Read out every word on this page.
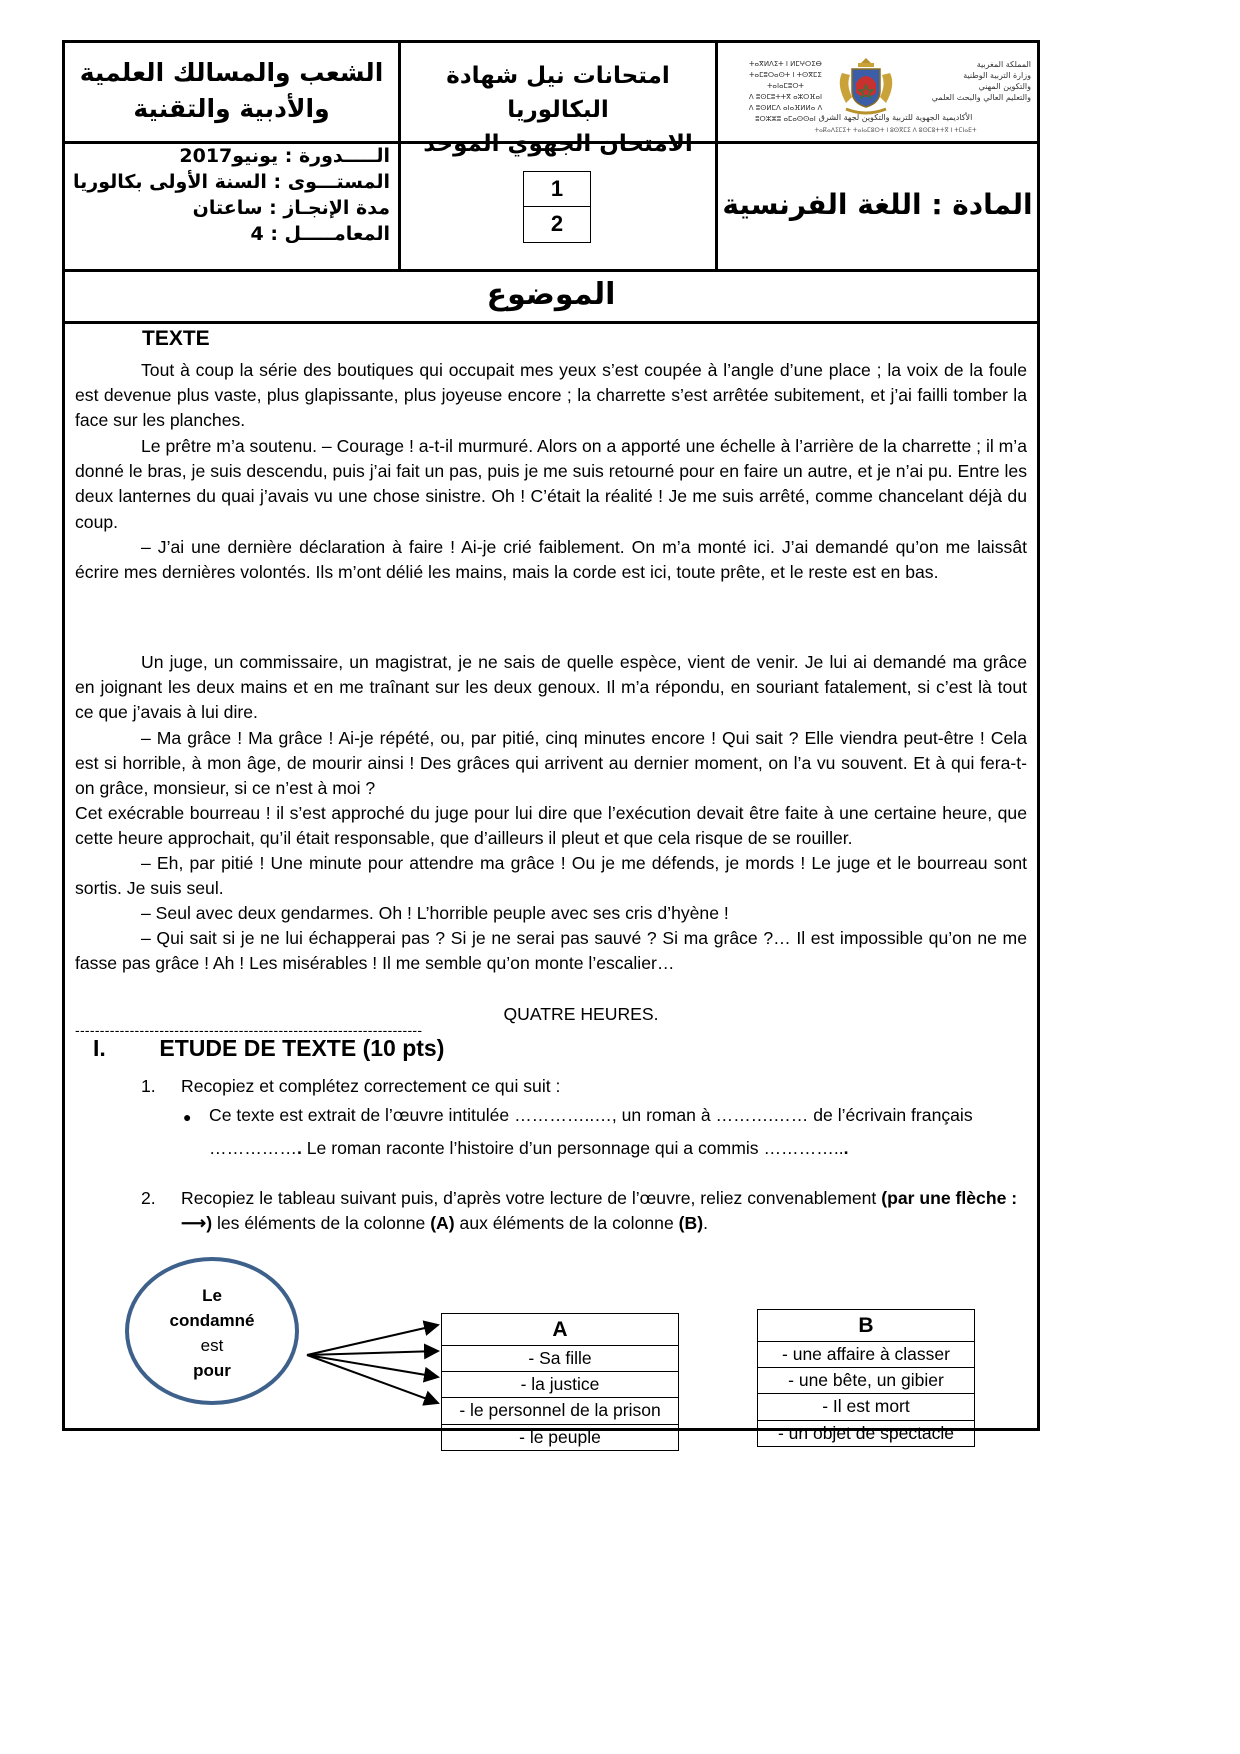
الشعب والمسالك العلمية
والأدبية والتقنية
امتحانات نيل شهادة البكالوريا
الامتحان الجهوي الموحد
ⵜⴰⴳⵍⴷⵉⵜ ⵏ ⵍⵎⵖⵔⵉⴱ
ⵜⴰⵎⵓⵔⴰⵙⵜ ⵏ ⵜⵙⴳⵎⵉ ⵜⴰⵏⴰⵎⵓⵔⵜ
ⴷ ⵓⵙⵎⵓⵜⵜⴳ ⴰⵣⵔⴼⴰⵏ
ⴷ ⵓⵙⵍⵎⴷ ⴰⵏⴰⴼⵍⵍⴰ ⴷ ⵓⵔⵣⵣⵓ ⴰⵎⴰⵙⵙⴰⵏ
المملكة المغربية
وزارة التربية الوطنية
والتكوين المهني
والتعليم العالي والبحث العلمي
الأكاديمية الجهوية للتربية والتكوين لجهة الشرق
ⵜⴰⴽⴰⴷⵉⵎⵉⵜ ⵜⴰⵏⴰⵎⵓⵔⵜ ⵏ ⵓⵙⴳⵎⵉ ⴷ ⵓⵙⵎⵓⵜⵜⴳ ⵏ ⵜⵎⵏⴰⴹⵜ
الـــــدورة : يونيو2017
المستـــوى : السنة الأولى بكالوريا
مدة الإنجـاز : ساعتان
المعامـــــل : 4
1
2
المادة : اللغة الفرنسية
الموضوع
TEXTE
Tout à coup la série des boutiques qui occupait mes yeux s’est coupée à l’angle d’une place ; la voix de la foule est devenue plus vaste, plus glapissante, plus joyeuse encore ; la charrette s’est arrêtée subitement, et j’ai failli tomber la face sur les planches.
Le prêtre m’a soutenu. – Courage ! a-t-il murmuré. Alors on a apporté une échelle à l’arrière de la charrette ; il m’a donné le bras, je suis descendu, puis j’ai fait un pas, puis je me suis retourné pour en faire un autre, et je n’ai pu. Entre les deux lanternes du quai j’avais vu une chose sinistre. Oh ! C’était la réalité ! Je me suis arrêté, comme chancelant déjà du coup.
– J’ai une dernière déclaration à faire ! Ai-je crié faiblement. On m’a monté ici. J’ai demandé qu’on me laissât écrire mes dernières volontés. Ils m’ont délié les mains, mais la corde est ici, toute prête, et le reste est en bas.
Un juge, un commissaire, un magistrat, je ne sais de quelle espèce, vient de venir. Je lui ai demandé ma grâce en joignant les deux mains et en me traînant sur les deux genoux. Il m’a répondu, en souriant fatalement, si c’est là tout ce que j’avais à lui dire.
– Ma grâce ! Ma grâce ! Ai-je répété, ou, par pitié, cinq minutes encore ! Qui sait ? Elle viendra peut-être ! Cela est si horrible, à mon âge, de mourir ainsi ! Des grâces qui arrivent au dernier moment, on l’a vu souvent. Et à qui fera-t-on grâce, monsieur, si ce n’est à moi ?
Cet exécrable bourreau ! il s’est approché du juge pour lui dire que l’exécution devait être faite à une certaine heure, que cette heure approchait, qu’il était responsable, que d’ailleurs il pleut et que cela risque de se rouiller.
– Eh, par pitié ! Une minute pour attendre ma grâce ! Ou je me défends, je mords ! Le juge et le bourreau sont sortis. Je suis seul.
– Seul avec deux gendarmes. Oh ! L’horrible peuple avec ses cris d’hyène !
– Qui sait si je ne lui échapperai pas ? Si je ne serai pas sauvé ? Si ma grâce ?… Il est impossible qu’on ne me fasse pas grâce ! Ah ! Les misérables ! Il me semble qu’on monte l’escalier…
QUATRE HEURES.
----------------------------------------------------------------------
I. ETUDE DE TEXTE (10 pts)
1. Recopiez et complétez correctement ce qui suit :
● Ce texte est extrait de l’œuvre intitulée …………..…, un roman à ……….…… de l’écrivain français
……………. Le roman raconte l’histoire d’un personnage qui a commis …………...
2. Recopiez le tableau suivant puis, d’après votre lecture de l’œuvre, reliez convenablement (par une flèche : ⟶) les éléments de la colonne (A) aux éléments de la colonne (B).
Le
condamné
est
pour
A
- Sa fille
- la justice
- le personnel de la prison
- le peuple
B
- une affaire à classer
- une bête, un gibier
- Il est mort
- un objet de spectacle
